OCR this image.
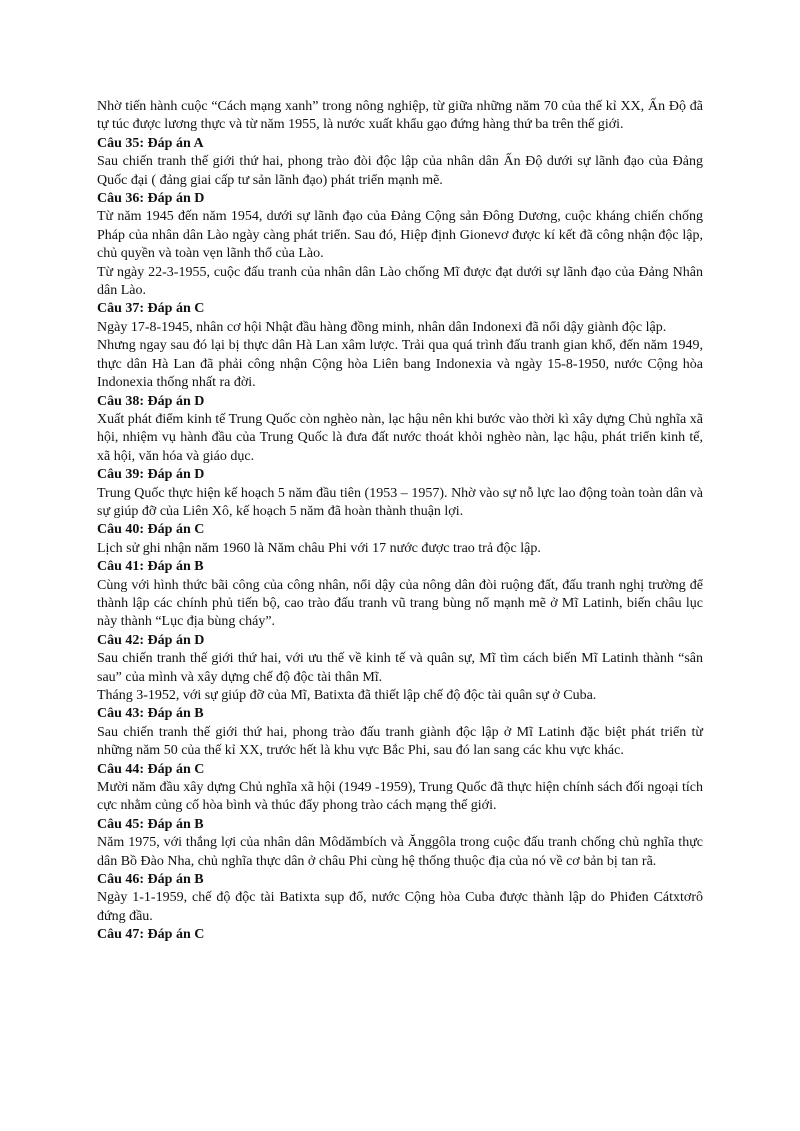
Nhờ tiến hành cuộc “Cách mạng xanh” trong nông nghiệp, từ giữa những năm 70 của thế kỉ XX, Ấn Độ đã tự túc được lương thực và từ năm 1955, là nước xuất khẩu gạo đứng hàng thứ ba trên thế giới.

Câu 35: Đáp án A

Sau chiến tranh thế giới thứ hai, phong trào đòi độc lập của nhân dân Ấn Độ dưới sự lãnh đạo của Đảng Quốc đại ( đảng giai cấp tư sản lãnh đạo) phát triển mạnh mẽ.

Câu 36: Đáp án D

Từ năm 1945 đến năm 1954, dưới sự lãnh đạo của Đảng Cộng sản Đông Dương, cuộc kháng chiến chống Pháp của nhân dân Lào ngày càng phát triển. Sau đó, Hiệp định Gionevơ được kí kết đã công nhận độc lập, chủ quyền và toàn vẹn lãnh thổ của Lào.

Từ ngày 22-3-1955, cuộc đấu tranh của nhân dân Lào chống Mĩ được đạt dưới sự lãnh đạo của Đảng Nhân dân Lào.

Câu 37: Đáp án C

Ngày 17-8-1945, nhân cơ hội Nhật đầu hàng đồng minh, nhân dân Indonexi đã nổi dậy giành độc lập.

Nhưng ngay sau đó lại bị thực dân Hà Lan xâm lược. Trải qua quá trình đấu tranh gian khổ, đến năm 1949, thực dân Hà Lan đã phải công nhận Cộng hòa Liên bang Indonexia và ngày 15-8-1950, nước Cộng hòa Indonexia thống nhất ra đời.

Câu 38: Đáp án D

Xuất phát điểm kinh tế Trung Quốc còn nghèo nàn, lạc hậu nên khi bước vào thời kì xây dựng Chủ nghĩa xã hội, nhiệm vụ hành đầu của Trung Quốc là đưa đất nước thoát khỏi nghèo nàn, lạc hậu, phát triển kinh tế, xã hội, văn hóa và giáo dục.

Câu 39: Đáp án D

Trung Quốc thực hiện kế hoạch 5 năm đầu tiên (1953 – 1957). Nhờ vào sự nỗ lực lao động toàn toàn dân và sự giúp đỡ của Liên Xô, kế hoạch 5 năm đã hoàn thành thuận lợi.

Câu 40: Đáp án C

Lịch sử ghi nhận năm 1960 là Năm châu Phi với 17 nước được trao trả độc lập.

Câu 41: Đáp án B

Cùng với hình thức bãi công của công nhân, nổi dậy của nông dân đòi ruộng đất, đấu tranh nghị trường để thành lập các chính phủ tiến bộ, cao trào đấu tranh vũ trang bùng nổ mạnh mẽ ở Mĩ Latinh, biến châu lục này thành “Lục địa bùng cháy”.

Câu 42: Đáp án D

Sau chiến tranh thế giới thứ hai, với ưu thế về kinh tế và quân sự, Mĩ tìm cách biến Mĩ Latinh thành “sân sau” của mình và xây dựng chế độ độc tài thân Mĩ.

Tháng 3-1952, với sự giúp đỡ của Mĩ, Batixta đã thiết lập chế độ độc tài quân sự ở Cuba.

Câu 43: Đáp án B

Sau chiến tranh thế giới thứ hai, phong trào đấu tranh giành độc lập ở Mĩ Latinh đặc biệt phát triển từ những năm 50 của thế kỉ XX, trước hết là khu vực Bắc Phi, sau đó lan sang các khu vực khác.

Câu 44: Đáp án C

Mười năm đầu xây dựng Chủ nghĩa xã hội (1949 -1959), Trung Quốc đã thực hiện chính sách đối ngoại tích cực nhằm củng cố hòa bình và thúc đẩy phong trào cách mạng thế giới.

Câu 45: Đáp án B

Năm 1975, với thắng lợi của nhân dân Môdămbích và Ănggôla trong cuộc đấu tranh chống chủ nghĩa thực dân Bồ Đào Nha, chủ nghĩa thực dân ở châu Phi cùng hệ thống thuộc địa của nó về cơ bản bị tan rã.

Câu 46: Đáp án B

Ngày 1-1-1959, chế độ độc tài Batixta sụp đổ, nước Cộng hòa Cuba được thành lập do Phiđen Cátxtơrô đứng đầu.

Câu 47: Đáp án C
